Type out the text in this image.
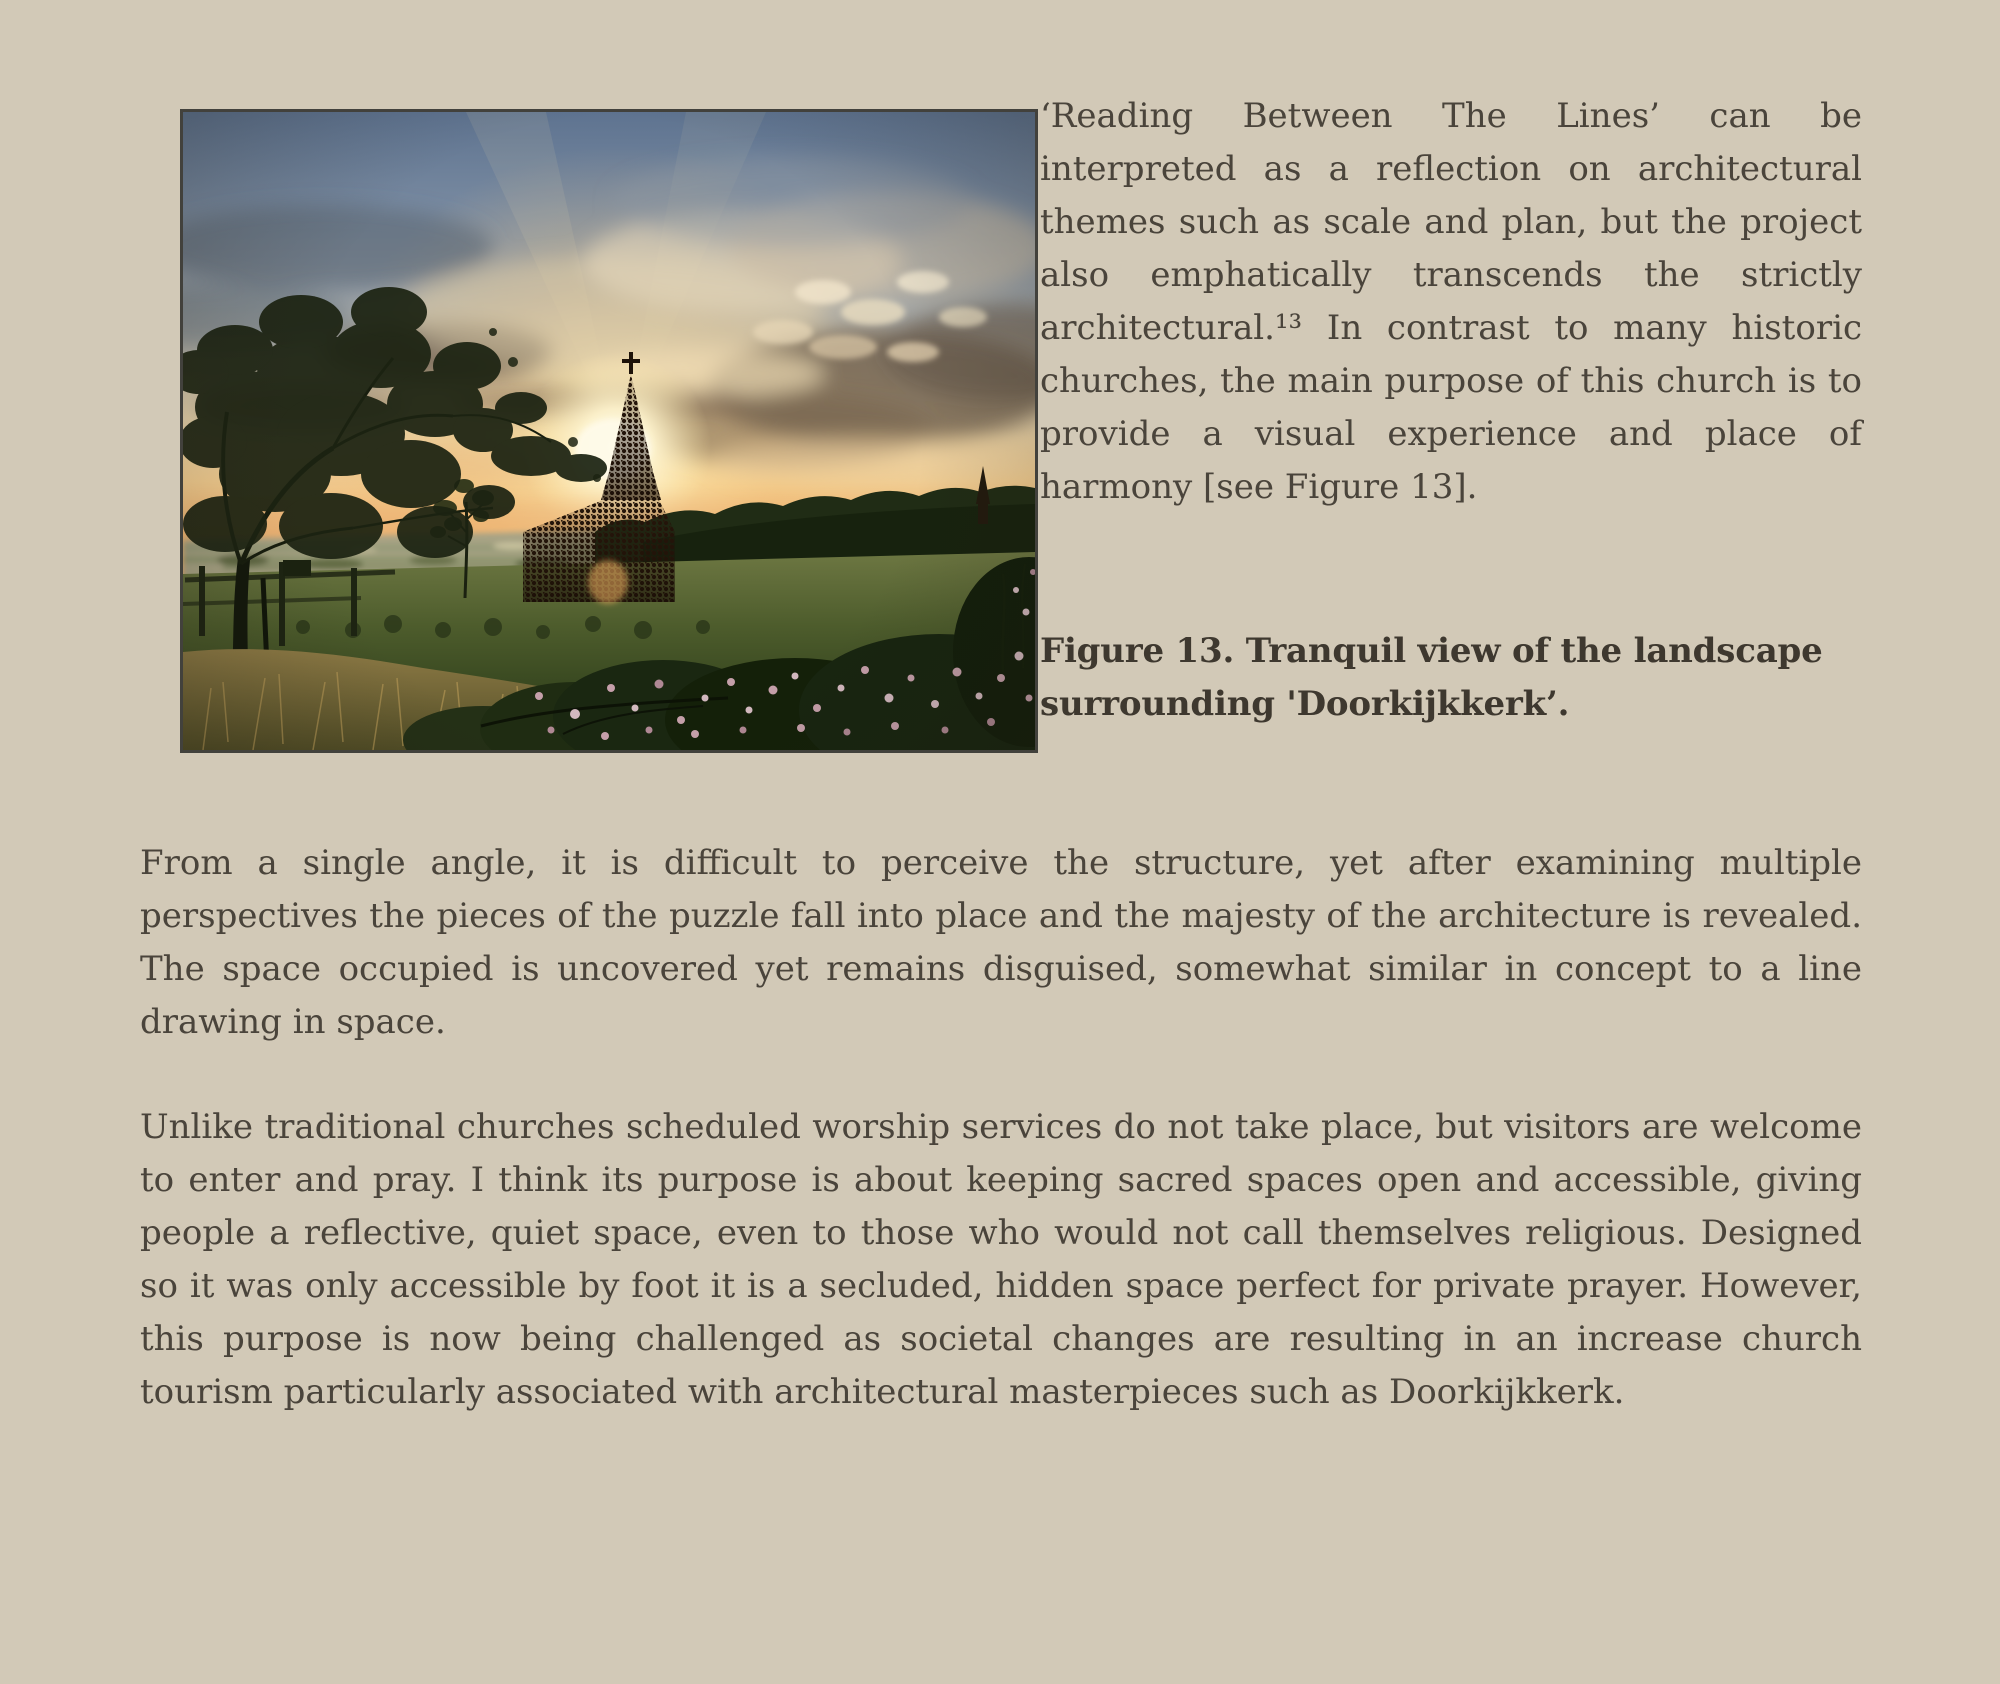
‘Reading Between The Lines’ can be interpreted as a reflection on architectural themes such as scale and plan, but the project also emphatically transcends the strictly architectural.¹³ In contrast to many historic churches, the main purpose of this church is to provide a visual experience and place of harmony [see Figure 13].

Figure 13. Tranquil view of the landscape surrounding 'Doorkijkkerk’.

From a single angle, it is difficult to perceive the structure, yet after examining multiple perspectives the pieces of the puzzle fall into place and the majesty of the architecture is revealed. The space occupied is uncovered yet remains disguised, somewhat similar in concept to a line drawing in space.

Unlike traditional churches scheduled worship services do not take place, but visitors are welcome to enter and pray. I think its purpose is about keeping sacred spaces open and accessible, giving people a reflective, quiet space, even to those who would not call themselves religious. Designed so it was only accessible by foot it is a secluded, hidden space perfect for private prayer. However, this purpose is now being challenged as societal changes are resulting in an increase church tourism particularly associated with architectural masterpieces such as Doorkijkkerk.
